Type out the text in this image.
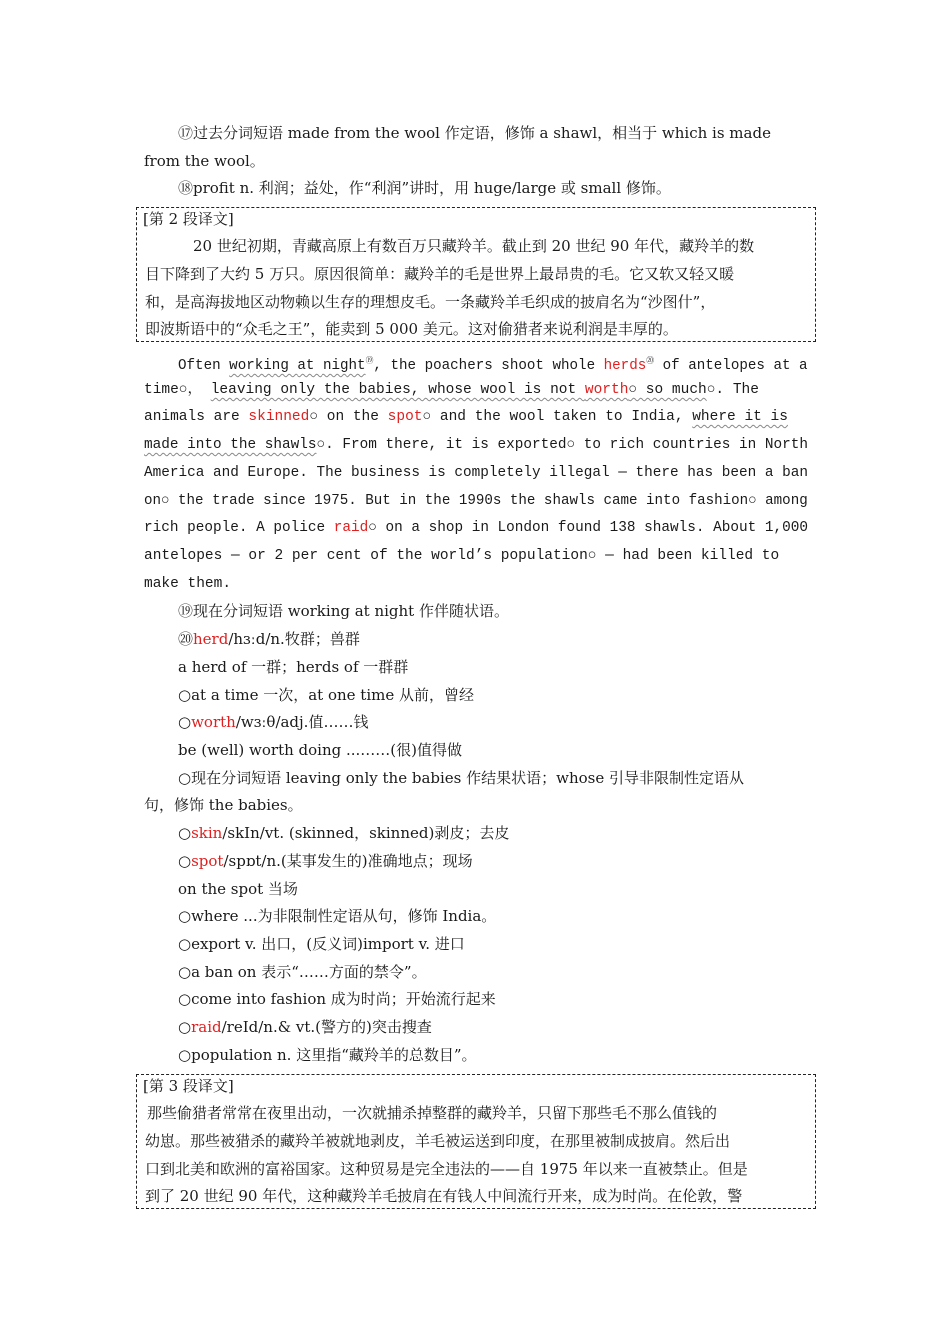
⑰过去分词短语 made from the wool 作定语，修饰 a shawl，相当于 which is made
from the wool。
⑱profit n. 利润；益处，作“利润”讲时，用 huge/large 或 small 修饰。
[第 2 段译文]
20 世纪初期，青藏高原上有数百万只藏羚羊。截止到 20 世纪 90 年代，藏羚羊的数
目下降到了大约 5 万只。原因很简单：藏羚羊的毛是世界上最昂贵的毛。它又软又轻又暖
和，是高海拔地区动物赖以生存的理想皮毛。一条藏羚羊毛织成的披肩名为“沙图什”，
即波斯语中的“众毛之王”，能卖到 5 000 美元。这对偷猎者来说利润是丰厚的。
Often working at night⑲, the poachers shoot whole herds⑳ of antelopes at a
time○， leaving only the babies, whose wool is not worth○ so much○. The
animals are skinned○ on the spot○ and the wool taken to India, where it is
made into the shawls○. From there, it is exported○ to rich countries in North
America and Europe. The business is completely illegal — there has been a ban
on○ the trade since 1975. But in the 1990s the shawls came into fashion○ among
rich people. A police raid○ on a shop in London found 138 shawls. About 1,000
antelopes — or 2 per cent of the world’s population○ — had been killed to
make them.
⑲现在分词短语 working at night 作伴随状语。
⑳herd/hɜːd/n.牧群；兽群
a herd of 一群；herds of 一群群
○at a time 一次，at one time 从前，曾经
○worth/wɜːθ/adj.值……钱
be (well) worth doing ...……(很)值得做
○现在分词短语 leaving only the babies 作结果状语；whose 引导非限制性定语从
句，修饰 the babies。
○skin/skIn/vt. (skinned，skinned)剥皮；去皮
○spot/spɒt/n.(某事发生的)准确地点；现场
on the spot 当场
○where ...为非限制性定语从句，修饰 India。
○export v. 出口，(反义词)import v. 进口
○a ban on 表示“……方面的禁令”。
○come into fashion 成为时尚；开始流行起来
○raid/reId/n.& vt.(警方的)突击搜查
○population n. 这里指“藏羚羊的总数目”。
[第 3 段译文]
那些偷猎者常常在夜里出动，一次就捕杀掉整群的藏羚羊，只留下那些毛不那么值钱的
幼崽。那些被猎杀的藏羚羊被就地剥皮，羊毛被运送到印度，在那里被制成披肩。然后出
口到北美和欧洲的富裕国家。这种贸易是完全违法的——自 1975 年以来一直被禁止。但是
到了 20 世纪 90 年代，这种藏羚羊毛披肩在有钱人中间流行开来，成为时尚。在伦敦，警
